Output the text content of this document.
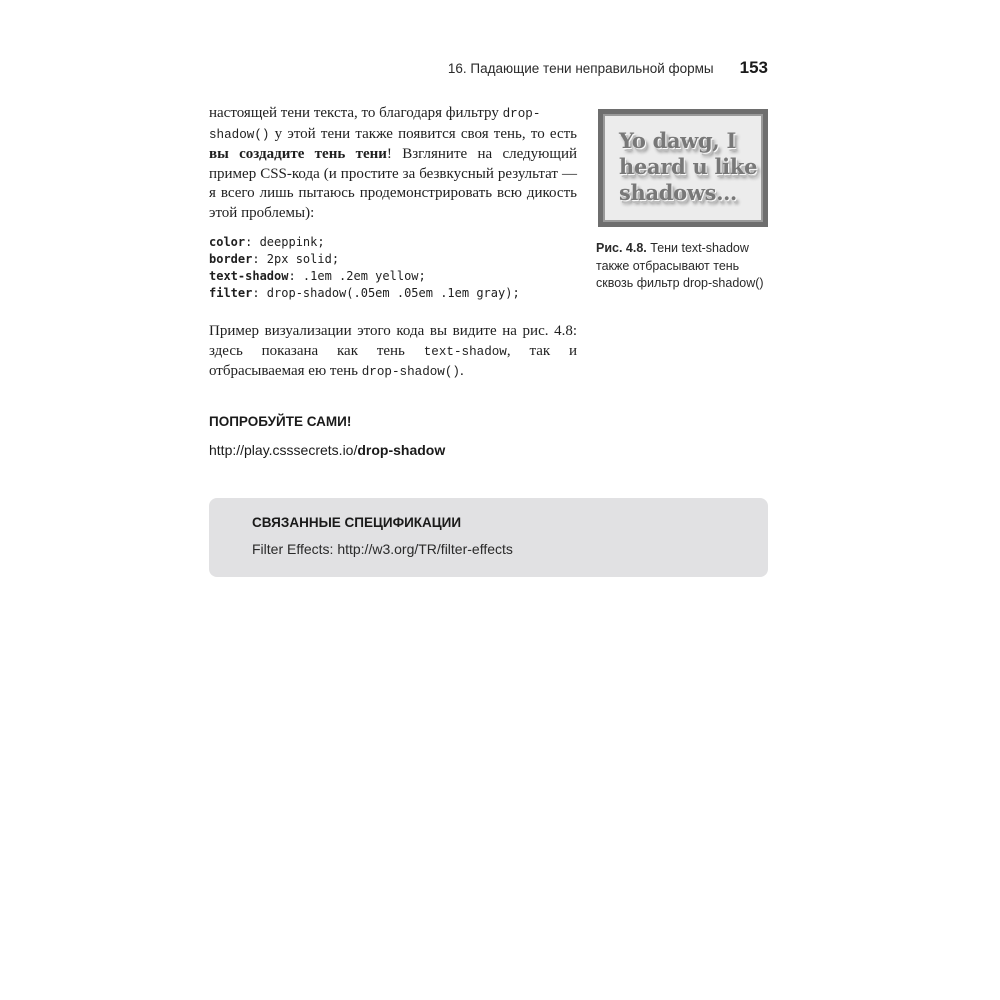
16. Падающие тени неправильной формы 153

настоящей тени текста, то благодаря фильтру drop-
shadow() у этой тени также появится своя тень, то есть вы создадите тень тени! Взгляните на следующий пример CSS-кода (и простите за безвкусный результат — я всего лишь пытаюсь продемонстрировать всю дикость этой проблемы):

color: deeppink;
border: 2px solid;
text-shadow: .1em .2em yellow;
filter: drop-shadow(.05em .05em .1em gray);

Пример визуализации этого кода вы видите на рис. 4.8: здесь показана как тень text-shadow, так и отбрасываемая ею тень drop-shadow().

Yo dawg, I
heard u like
shadows…
Рис. 4.8. Тени text-shadow также отбрасывают тень сквозь фильтр drop-shadow()
ПОПРОБУЙТЕ САМИ!
http://play.csssecrets.io/drop-shadow

СВЯЗАННЫЕ СПЕЦИФИКАЦИИ

Filter Effects: http://w3.org/TR/filter-effects
